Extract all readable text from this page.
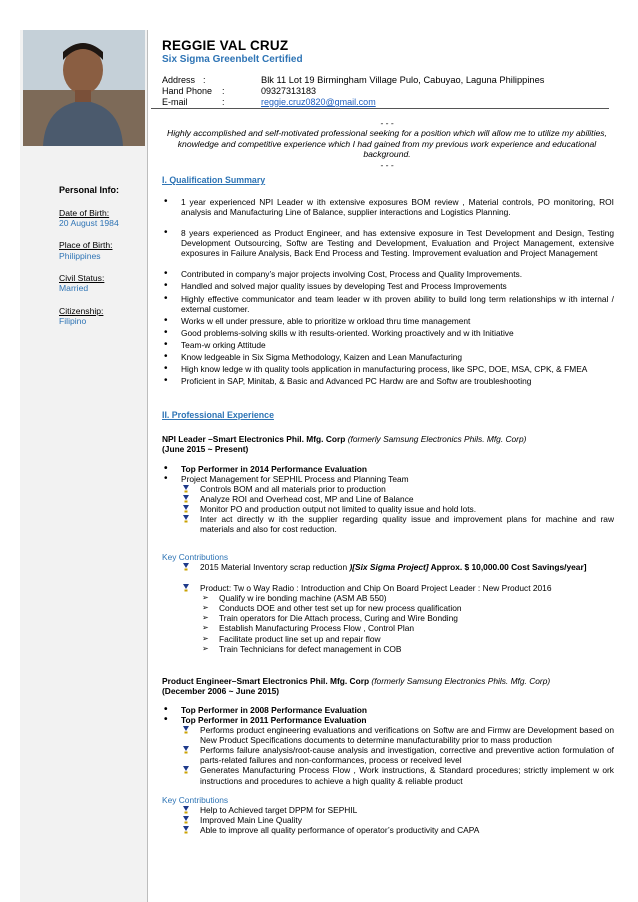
Personal Info:
Date of Birth:
20 August 1984
Place of Birth:
Philippines
Civil Status:
Married
Citizenship:
Filipino
REGGIE VAL CRUZ
Six Sigma Greenbelt Certified
Address :	Blk 11 Lot 19 Birmingham Village Pulo, Cabuyao, Laguna Philippines
Hand Phone	:	09327313183
E-mail	:	reggie.cruz0820@gmail.com
- - -
Highly accomplished and self-motivated professional seeking for a position which will allow me to utilize my abilities, knowledge and competitive experience which I had gained from my previous work experience and educational background.
- - -
I. Qualification Summary
• 1 year experienced NPI Leader w ith extensive exposures BOM review , Material controls, PO monitoring, ROI analysis and Manufacturing Line of Balance, supplier interactions and Logistics Planning.
• 8 years experienced as Product Engineer, and has extensive exposure in Test Development and Design, Testing Development Outsourcing, Softw are Testing and Development, Evaluation and Project Management, extensive exposures in Failure Analysis, Back End Process and Testing. Improvement evaluation and Project Management
• Contributed in company’s major projects involving Cost, Process and Quality Improvements.
• Handled and solved major quality issues by developing Test and Process Improvements
• Highly effective communicator and team leader w ith proven ability to build long term relationships w ith internal / external customer.
• Works w ell under pressure, able to prioritize w orkload thru time management
• Good problems-solving skills w ith results-oriented. Working proactively and w ith Initiative
• Team-w orking Attitude
• Know ledgeable in Six Sigma Methodology, Kaizen and Lean Manufacturing
• High know ledge w ith quality tools application in manufacturing process, like SPC, DOE, MSA, CPK, & FMEA
• Proficient in SAP, Minitab, & Basic and Advanced PC Hardw are and Softw are troubleshooting
II. Professional Experience
NPI Leader –Smart Electronics Phil. Mfg. Corp (formerly Samsung Electronics Phils. Mfg. Corp)
(June 2015 ~ Present)
• Top Performer in 2014 Performance Evaluation
• Project Management for SEPHIL Process and Planning Team
Controls BOM and all materials prior to production
Analyze ROI and Overhead cost, MP and Line of Balance
Monitor PO and production output not limited to quality issue and hold lots.
Inter act directly w ith the supplier regarding quality issue and improvement plans for machine and raw materials and also for cost reduction.
Key Contributions
2015 Material Inventory scrap reduction )[Six Sigma Project] Approx. $ 10,000.00 Cost Savings/year]
Product: Tw o Way Radio : Introduction and Chip On Board Project Leader : New Product 2016
➢ Qualify w ire bonding machine (ASM AB 550)
➢ Conducts DOE and other test set up for new process qualification
➢ Train operators for Die Attach process, Curing and Wire Bonding
➢ Establish Manufacturing Process Flow , Control Plan
➢ Facilitate product line set up and repair flow
➢ Train Technicians for defect management in COB
Product Engineer–Smart Electronics Phil. Mfg. Corp (formerly Samsung Electronics Phils. Mfg. Corp)
(December 2006 ~ June 2015)
• Top Performer in 2008 Performance Evaluation
• Top Performer in 2011 Performance Evaluation
Performs product engineering evaluations and verifications on Softw are and Firmw are Development based on New Product Specifications documents to determine manufacturability prior to mass production
Performs failure analysis/root-cause analysis and investigation, corrective and preventive action formulation of parts-related failures and non-conformances, process or received level
Generates Manufacturing Process Flow , Work instructions, & Standard procedures; strictly implement w ork instructions and procedures to achieve a high quality & reliable product
Key Contributions
Help to Achieved target DPPM for SEPHIL
Improved Main Line Quality
Able to improve all quality performance of operator’s productivity and CAPA
